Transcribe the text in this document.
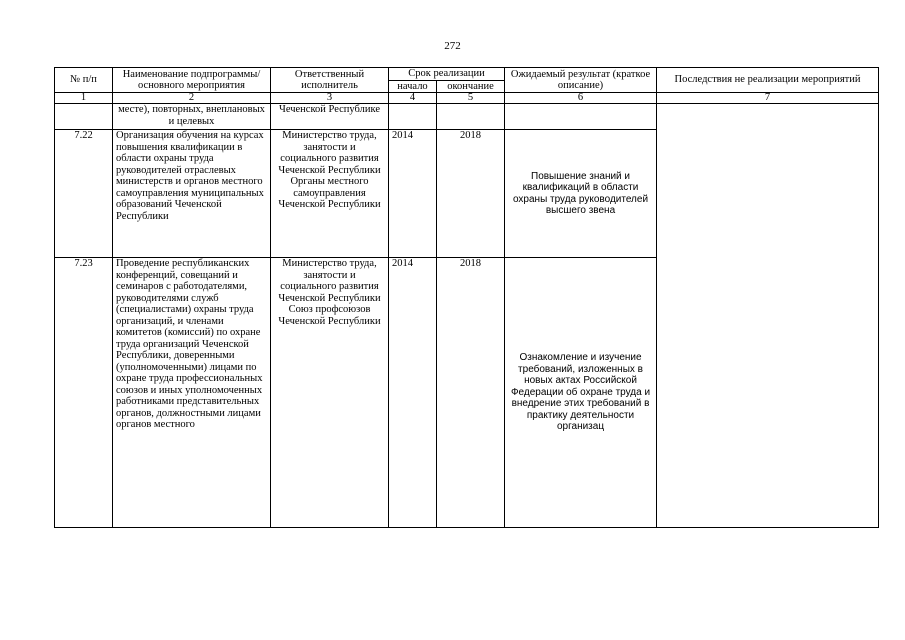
272
№ п/п	Наименование подпрограммы/ основного мероприятия	Ответственный исполнитель	Срок реализации		Ожидаемый результат (краткое описание)	Последствия не реализации мероприятий
			начало	окончание		
1	2	3	4	5	6	7
	месте), повторных, внеплановых и целевых	Чеченской Республике				
7.22	Организация обучения на курсах повышения квалификации в области охраны труда руководителей отраслевых министерств и органов местного самоуправления муниципальных образований Чеченской Республики	Министерство труда, занятости и социального развития Чеченской Республики Органы местного самоуправления Чеченской Республики	2014	2018	Повышение знаний и квалификаций в области охраны труда руководителей высшего звена	
7.23	Проведение республиканских конференций, совещаний и семинаров с работодателями, руководителями служб (специалистами) охраны труда организаций, и членами комитетов (комиссий) по охране труда организаций Чеченской Республики, доверенными (уполномоченными) лицами по охране труда профессиональных союзов и иных уполномоченных работниками представительных органов, должностными лицами органов местного	Министерство труда, занятости и социального развития Чеченской Республики Союз профсоюзов Чеченской Республики	2014	2018	Ознакомление и изучение требований, изложенных в новых актах Российской Федерации об охране труда и внедрение этих требований в практику деятельности организац	
